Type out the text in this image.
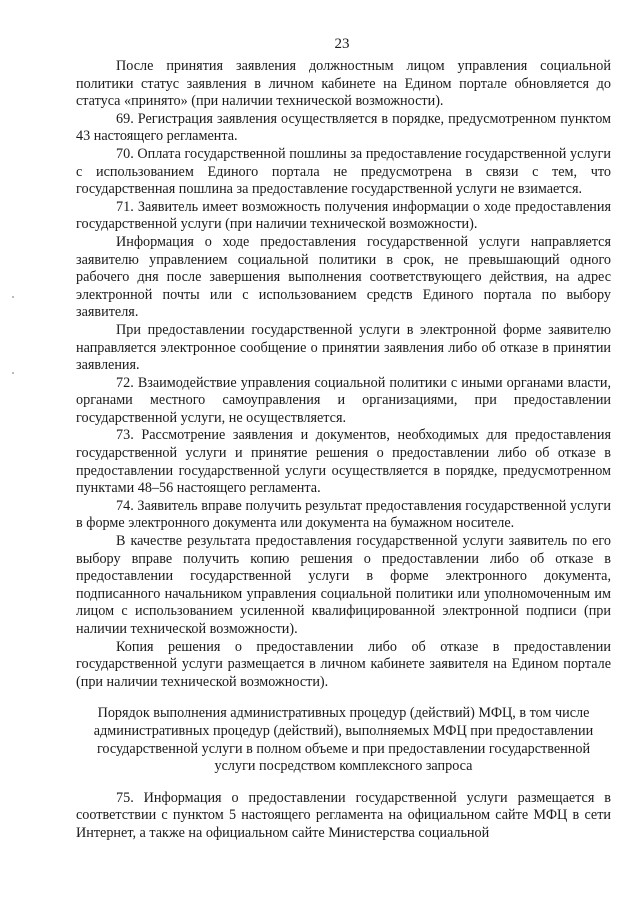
23

После принятия заявления должностным лицом управления социальной политики статус заявления в личном кабинете на Едином портале обновляется до статуса «принято» (при наличии технической возможности).

69. Регистрация заявления осуществляется в порядке, предусмотренном пунктом 43 настоящего регламента.

70. Оплата государственной пошлины за предоставление государственной услуги с использованием Единого портала не предусмотрена в связи с тем, что государственная пошлина за предоставление государственной услуги не взимается.

71. Заявитель имеет возможность получения информации о ходе предоставления государственной услуги (при наличии технической возможности).

Информация о ходе предоставления государственной услуги направляется заявителю управлением социальной политики в срок, не превышающий одного рабочего дня после завершения выполнения соответствующего действия, на адрес электронной почты или с использованием средств Единого портала по выбору заявителя.

При предоставлении государственной услуги в электронной форме заявителю направляется электронное сообщение о принятии заявления либо об отказе в принятии заявления.

72. Взаимодействие управления социальной политики с иными органами власти, органами местного самоуправления и организациями, при предоставлении государственной услуги, не осуществляется.

73. Рассмотрение заявления и документов, необходимых для предоставления государственной услуги и принятие решения о предоставлении либо об отказе в предоставлении государственной услуги осуществляется в порядке, предусмотренном пунктами 48–56 настоящего регламента.

74. Заявитель вправе получить результат предоставления государственной услуги в форме электронного документа или документа на бумажном носителе.

В качестве результата предоставления государственной услуги заявитель по его выбору вправе получить копию решения о предоставлении либо об отказе в предоставлении государственной услуги в форме электронного документа, подписанного начальником управления социальной политики или уполномоченным им лицом с использованием усиленной квалифицированной электронной подписи (при наличии технической возможности).

Копия решения о предоставлении либо об отказе в предоставлении государственной услуги размещается в личном кабинете заявителя на Едином портале (при наличии технической возможности).

Порядок выполнения административных процедур (действий) МФЦ, в том числе административных процедур (действий), выполняемых МФЦ при предоставлении государственной услуги в полном объеме и при предоставлении государственной услуги посредством комплексного запроса

75. Информация о предоставлении государственной услуги размещается в соответствии с пунктом 5 настоящего регламента на официальном сайте МФЦ в сети Интернет, а также на официальном сайте Министерства социальной
